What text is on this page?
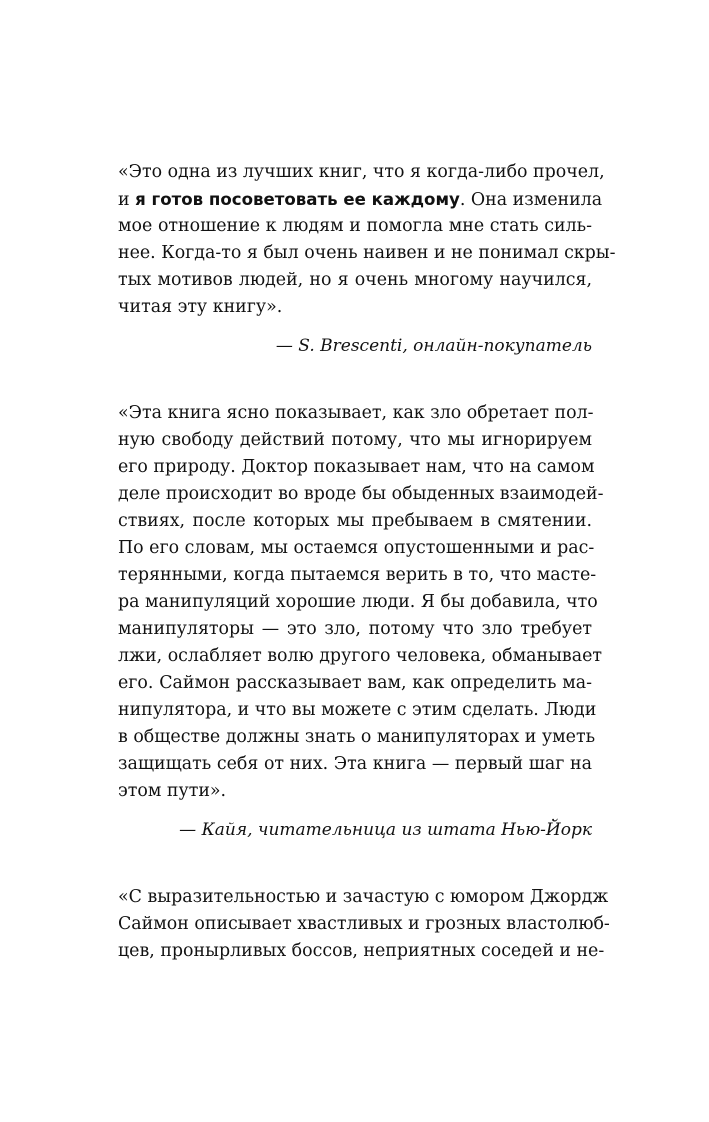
«Это одна из лучших книг, что я когда-либо прочел,
и я готов посоветовать ее каждому. Она изменила
мое отношение к людям и помогла мне стать силь-
нее. Когда-то я был очень наивен и не понимал скры-
тых мотивов людей, но я очень многому научился,
читая эту книгу».
— S. Brescenti, онлайн-покупатель
«Эта книга ясно показывает, как зло обретает пол-
ную свободу действий потому, что мы игнорируем
его природу. Доктор показывает нам, что на самом
деле происходит во вроде бы обыденных взаимодей-
ствиях, после которых мы пребываем в смятении.
По его словам, мы остаемся опустошенными и рас-
терянными, когда пытаемся верить в то, что масте-
ра манипуляций хорошие люди. Я бы добавила, что
манипуляторы — это зло, потому что зло требует
лжи, ослабляет волю другого человека, обманывает
его. Саймон рассказывает вам, как определить ма-
нипулятора, и что вы можете с этим сделать. Люди
в обществе должны знать о манипуляторах и уметь
защищать себя от них. Эта книга — первый шаг на
этом пути».
— Кайя, читательница из штата Нью-Йорк
«С выразительностью и зачастую с юмором Джордж
Саймон описывает хвастливых и грозных властолюб-
цев, пронырливых боссов, неприятных соседей и не-
